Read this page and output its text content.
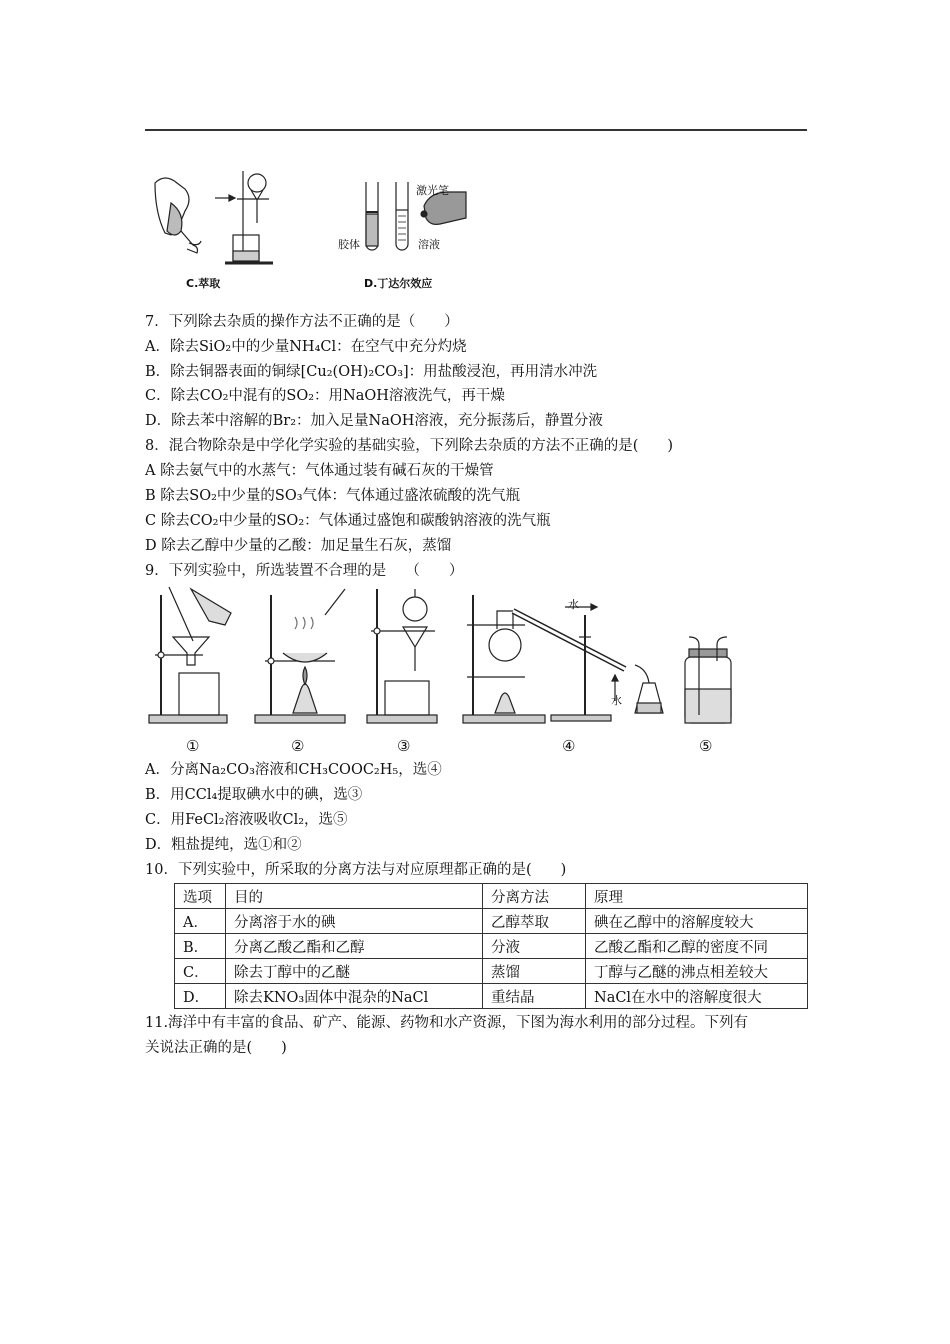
C.萃取
激光笔
胶体	溶液
D.丁达尔效应
7．下列除去杂质的操作方法不正确的是（　　）
A．除去SiO₂中的少量NH₄Cl：在空气中充分灼烧
B．除去铜器表面的铜绿[Cu₂(OH)₂CO₃]：用盐酸浸泡，再用清水冲洗
C．除去CO₂中混有的SO₂：用NaOH溶液洗气，再干燥
D．除去苯中溶解的Br₂：加入足量NaOH溶液，充分振荡后，静置分液
8．混合物除杂是中学化学实验的基础实验，下列除去杂质的方法不正确的是(　　)
A 除去氨气中的水蒸气：气体通过装有碱石灰的干燥管
B 除去SO₂中少量的SO₃气体：气体通过盛浓硫酸的洗气瓶
C 除去CO₂中少量的SO₂：气体通过盛饱和碳酸钠溶液的洗气瓶
D 除去乙醇中少量的乙酸：加足量生石灰，蒸馏
9．下列实验中，所选装置不合理的是　 （　　）
水
水
①	②	③	④	⑤
A．分离Na₂CO₃溶液和CH₃COOC₂H₅，选④
B．用CCl₄提取碘水中的碘，选③
C．用FeCl₂溶液吸收Cl₂，选⑤
D．粗盐提纯，选①和②
10．下列实验中，所采取的分离方法与对应原理都正确的是(　　)
选项	目的	分离方法	原理
A．	分离溶于水的碘	乙醇萃取	碘在乙醇中的溶解度较大
B．	分离乙酸乙酯和乙醇	分液	乙酸乙酯和乙醇的密度不同
C．	除去丁醇中的乙醚	蒸馏	丁醇与乙醚的沸点相差较大
D．	除去KNO₃固体中混杂的NaCl	重结晶	NaCl在水中的溶解度很大
11.海洋中有丰富的食品、矿产、能源、药物和水产资源，下图为海水利用的部分过程。下列有
关说法正确的是(　　)
